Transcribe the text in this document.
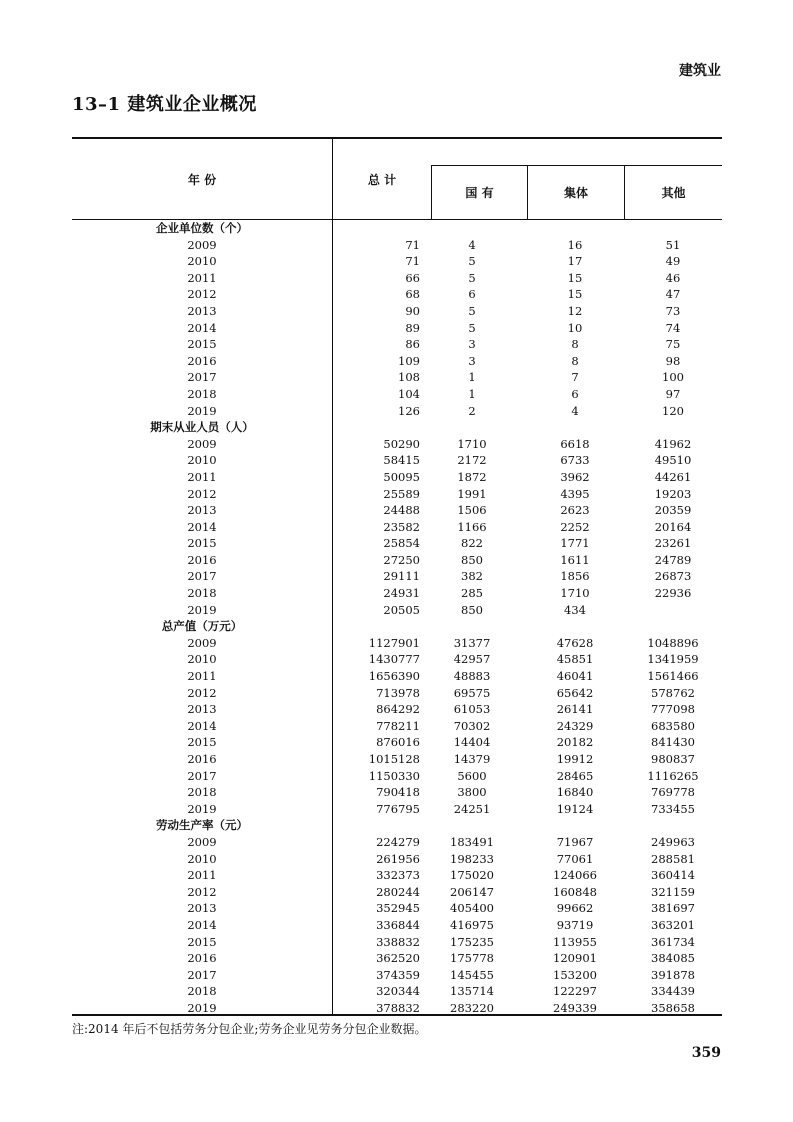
建筑业
13–1 建筑业企业概况
年 份	总 计
国 有	集体	其他
企业单位数（个）
2009	71	4	16	51
2010	71	5	17	49
2011	66	5	15	46
2012	68	6	15	47
2013	90	5	12	73
2014	89	5	10	74
2015	86	3	8	75
2016	109	3	8	98
2017	108	1	7	100
2018	104	1	6	97
2019	126	2	4	120
期末从业人员（人）
2009	50290	1710	6618	41962
2010	58415	2172	6733	49510
2011	50095	1872	3962	44261
2012	25589	1991	4395	19203
2013	24488	1506	2623	20359
2014	23582	1166	2252	20164
2015	25854	822	1771	23261
2016	27250	850	1611	24789
2017	29111	382	1856	26873
2018	24931	285	1710	22936
2019	20505	850	434
总产值（万元）
2009	1127901	31377	47628	1048896
2010	1430777	42957	45851	1341959
2011	1656390	48883	46041	1561466
2012	713978	69575	65642	578762
2013	864292	61053	26141	777098
2014	778211	70302	24329	683580
2015	876016	14404	20182	841430
2016	1015128	14379	19912	980837
2017	1150330	5600	28465	1116265
2018	790418	3800	16840	769778
2019	776795	24251	19124	733455
劳动生产率（元）
2009	224279	183491	71967	249963
2010	261956	198233	77061	288581
2011	332373	175020	124066	360414
2012	280244	206147	160848	321159
2013	352945	405400	99662	381697
2014	336844	416975	93719	363201
2015	338832	175235	113955	361734
2016	362520	175778	120901	384085
2017	374359	145455	153200	391878
2018	320344	135714	122297	334439
2019	378832	283220	249339	358658
注:2014 年后不包括劳务分包企业;劳务企业见劳务分包企业数据。
359
